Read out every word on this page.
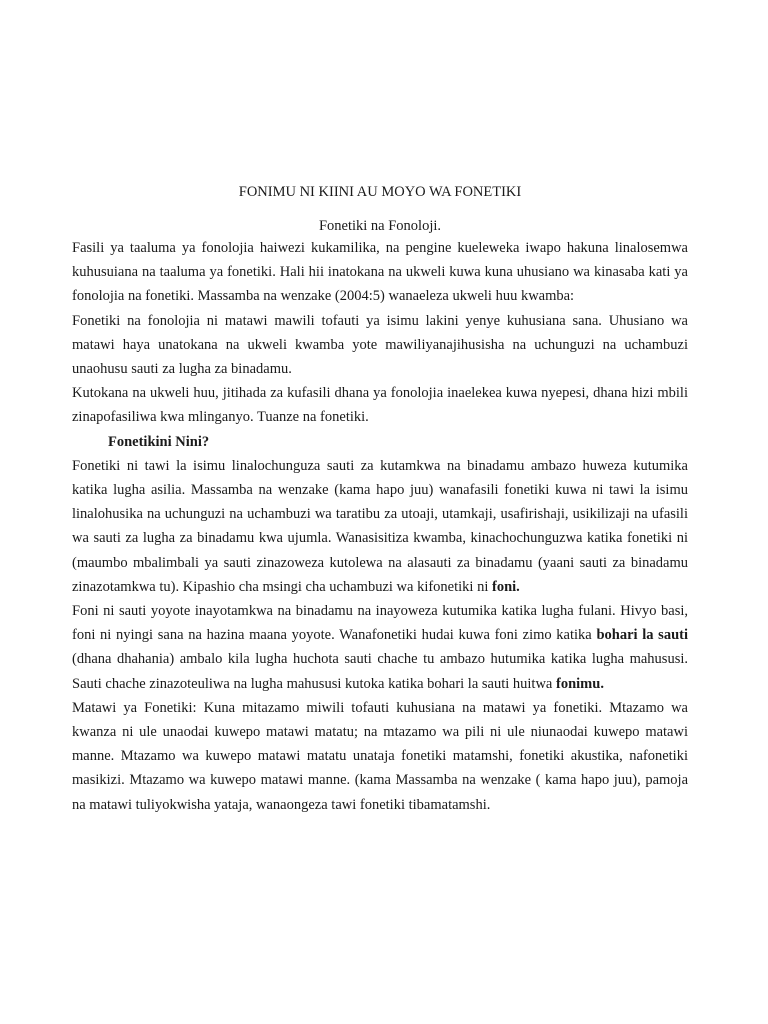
FONIMU NI KIINI AU MOYO WA FONETIKI

Fonetiki na Fonoloji.

Fasili ya taaluma ya fonolojia haiwezi kukamilika, na pengine kueleweka iwapo hakuna linalosemwa kuhusuiana na taaluma ya fonetiki. Hali hii inatokana na ukweli kuwa kuna uhusiano wa kinasaba kati ya fonolojia na fonetiki. Massamba na wenzake (2004:5) wanaeleza ukweli huu kwamba:

Fonetiki na fonolojia ni matawi mawili tofauti ya isimu lakini yenye kuhusiana sana. Uhusiano wa matawi haya unatokana na ukweli kwamba yote mawiliyanajihusisha na uchunguzi na uchambuzi unaohusu sauti za lugha za binadamu.

Kutokana na ukweli huu, jitihada za kufasili dhana ya fonolojia inaelekea kuwa nyepesi, dhana hizi mbili zinapofasiliwa kwa mlinganyo. Tuanze na fonetiki.

Fonetikini Nini?

Fonetiki ni tawi la isimu linalochunguza sauti za kutamkwa na binadamu ambazo huweza kutumika katika lugha asilia. Massamba na wenzake (kama hapo juu) wanafasili fonetiki kuwa ni tawi la isimu linalohusika na uchunguzi na uchambuzi wa taratibu za utoaji, utamkaji, usafirishaji, usikilizaji na ufasili wa sauti za lugha za binadamu kwa ujumla. Wanasisitiza kwamba, kinachochunguzwa katika fonetiki ni (maumbo mbalimbali ya sauti zinazoweza kutolewa na alasauti za binadamu (yaani sauti za binadamu zinazotamkwa tu). Kipashio cha msingi cha uchambuzi wa kifonetiki ni foni.

Foni ni sauti yoyote inayotamkwa na binadamu na inayoweza kutumika katika lugha fulani. Hivyo basi, foni ni nyingi sana na hazina maana yoyote. Wanafonetiki hudai kuwa foni zimo katika bohari la sauti (dhana dhahania) ambalo kila lugha huchota sauti chache tu ambazo hutumika katika lugha mahususi. Sauti chache zinazoteuliwa na lugha mahususi kutoka katika bohari la sauti huitwa fonimu.

Matawi ya Fonetiki: Kuna mitazamo miwili tofauti kuhusiana na matawi ya fonetiki. Mtazamo wa kwanza ni ule unaodai kuwepo matawi matatu; na mtazamo wa pili ni ule niunaodai kuwepo matawi manne. Mtazamo wa kuwepo matawi matatu unataja fonetiki matamshi, fonetiki akustika, nafonetiki masikizi. Mtazamo wa kuwepo matawi manne. (kama Massamba na wenzake ( kama hapo juu), pamoja na matawi tuliyokwisha yataja, wanaongeza tawi fonetiki tibamatamshi.
